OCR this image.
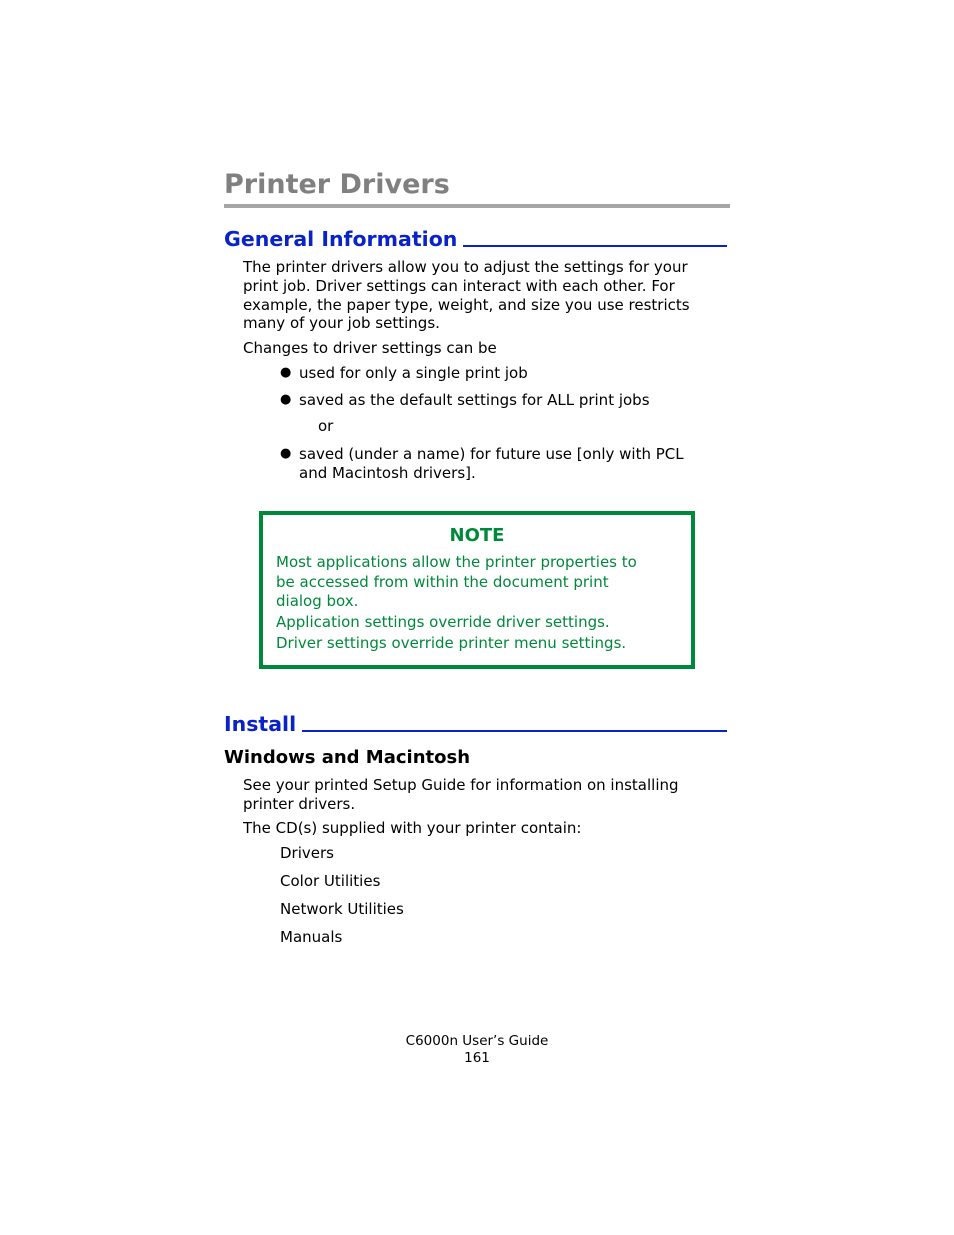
Printer Drivers
General Information
The printer drivers allow you to adjust the settings for your
print job. Driver settings can interact with each other. For
example, the paper type, weight, and size you use restricts
many of your job settings.
Changes to driver settings can be
● used for only a single print job
● saved as the default settings for ALL print jobs
or
● saved (under a name) for future use [only with PCL
and Macintosh drivers].
NOTE
Most applications allow the printer properties to
be accessed from within the document print
dialog box.
Application settings override driver settings.
Driver settings override printer menu settings.
Install
Windows and Macintosh
See your printed Setup Guide for information on installing
printer drivers.
The CD(s) supplied with your printer contain:
Drivers
Color Utilities
Network Utilities
Manuals
C6000n User’s Guide
161
